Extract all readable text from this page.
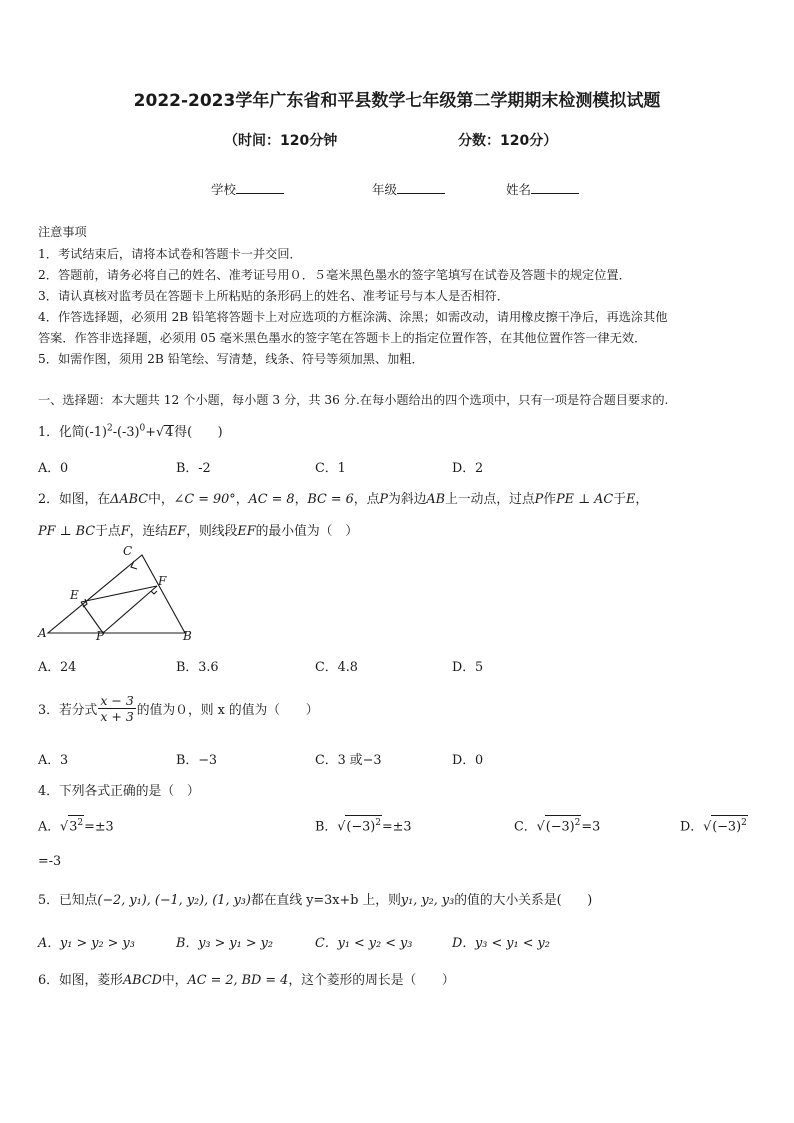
2022-2023学年广东省和平县数学七年级第二学期期末检测模拟试题
（时间：120分钟	分数：120分）
学校	年级	姓名
注意事项
1．考试结束后，请将本试卷和答题卡一并交回．
2．答题前，请务必将自己的姓名、准考证号用０．５毫米黑色墨水的签字笔填写在试卷及答题卡的规定位置．
3．请认真核对监考员在答题卡上所粘贴的条形码上的姓名、准考证号与本人是否相符．
4．作答选择题，必须用 2B 铅笔将答题卡上对应选项的方框涂满、涂黑；如需改动，请用橡皮擦干净后，再选涂其他
答案．作答非选择题，必须用 05 毫米黑色墨水的签字笔在答题卡上的指定位置作答，在其他位置作答一律无效．
5．如需作图，须用 2B 铅笔绘、写清楚，线条、符号等须加黑、加粗．
一、选择题：本大题共 12 个小题，每小题 3 分，共 36 分.在每小题给出的四个选项中，只有一项是符合题目要求的.
1．化简$(-1)^2-(-3)^0+√4$得(　　)
A．0	B．-2	C．1	D．2
2．如图，在ΔABC中，∠C = 90°，AC = 8，BC = 6，点P为斜边AB上一动点，过点P作PE ⊥ AC于E，
PF ⊥ BC于点F，连结EF，则线段EF的最小值为（　）
C
F
E
A	P	B
A．24	B．3.6	C．4.8	D．5
3．若分式 $\frac{x - 3}{x + 3}$ 的值为０，则 x 的值为（　　）
A．3	B．−3	C．3 或−3	D．0
4．下列各式正确的是（　）
A．$√3^2=\pm 3$	B．$√(-3)^2=\pm 3$	C．$√(-3)^2=3$	D．$√(-3)^2$
=-3
5．已知点(−2, y₁), (−1, y₂), (1, y₃)都在直线 y=3x+b 上，则y₁, y₂, y₃的值的大小关系是(　　)
A．y₁ > y₂ > y₃	B．y₃ > y₁ > y₂	C．y₁ < y₂ < y₃	D．y₃ < y₁ < y₂
6．如图，菱形ABCD中，AC = 2, BD = 4，这个菱形的周长是（　　）
